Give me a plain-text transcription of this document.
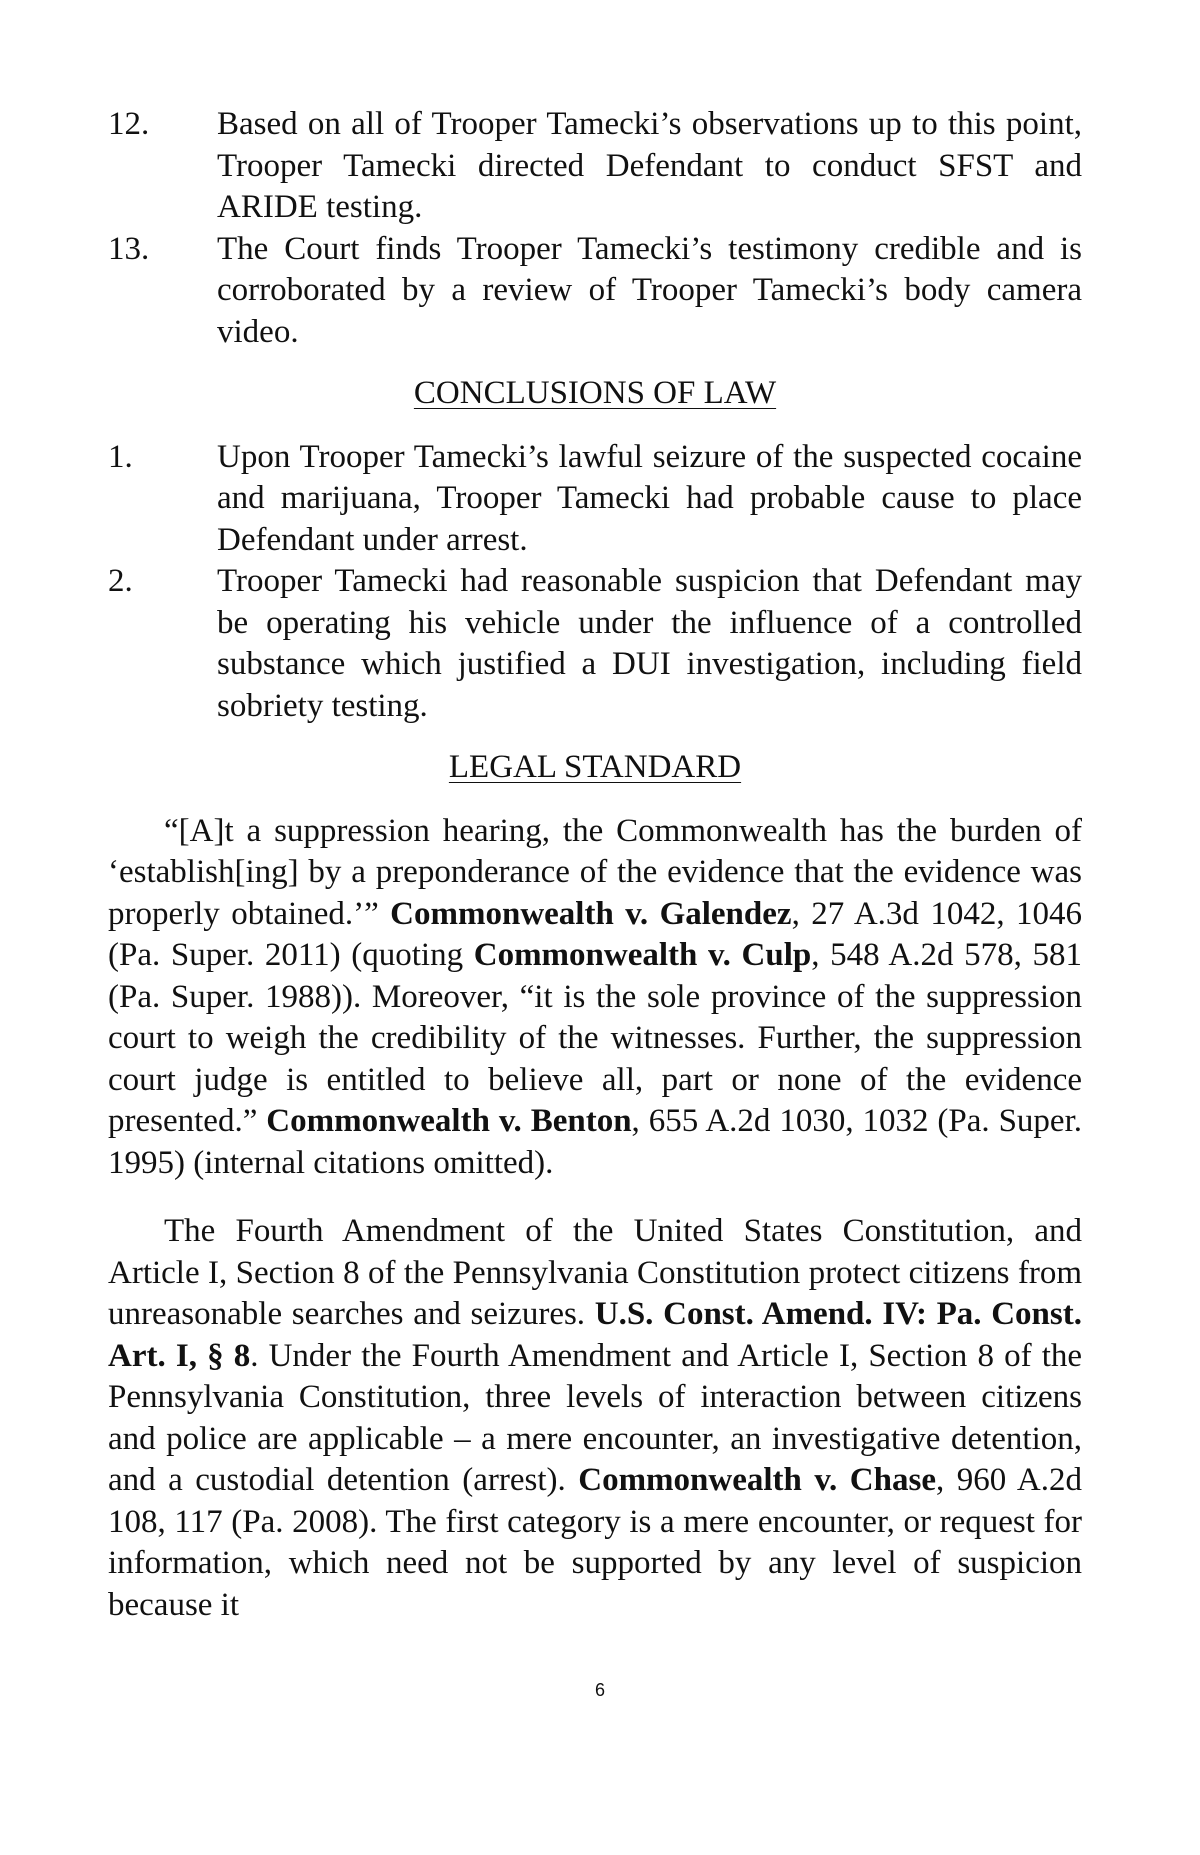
12.	Based on all of Trooper Tamecki’s observations up to this point, Trooper Tamecki directed Defendant to conduct SFST and ARIDE testing.
13.	The Court finds Trooper Tamecki’s testimony credible and is corroborated by a review of Trooper Tamecki’s body camera video.
CONCLUSIONS OF LAW
1.	Upon Trooper Tamecki’s lawful seizure of the suspected cocaine and marijuana, Trooper Tamecki had probable cause to place Defendant under arrest.
2.	Trooper Tamecki had reasonable suspicion that Defendant may be operating his vehicle under the influence of a controlled substance which justified a DUI investigation, including field sobriety testing.
LEGAL STANDARD

“[A]t a suppression hearing, the Commonwealth has the burden of ‘establish[ing] by a preponderance of the evidence that the evidence was properly obtained.’” Commonwealth v. Galendez, 27 A.3d 1042, 1046 (Pa. Super. 2011) (quoting Commonwealth v. Culp, 548 A.2d 578, 581 (Pa. Super. 1988)). Moreover, “it is the sole province of the suppression court to weigh the credibility of the witnesses. Further, the suppression court judge is entitled to believe all, part or none of the evidence presented.” Commonwealth v. Benton, 655 A.2d 1030, 1032 (Pa. Super. 1995) (internal citations omitted).

The Fourth Amendment of the United States Constitution, and Article I, Section 8 of the Pennsylvania Constitution protect citizens from unreasonable searches and seizures. U.S. Const. Amend. IV: Pa. Const. Art. I, § 8. Under the Fourth Amendment and Article I, Section 8 of the Pennsylvania Constitution, three levels of interaction between citizens and police are applicable – a mere encounter, an investigative detention, and a custodial detention (arrest). Commonwealth v. Chase, 960 A.2d 108, 117 (Pa. 2008). The first category is a mere encounter, or request for information, which need not be supported by any level of suspicion because it

6
